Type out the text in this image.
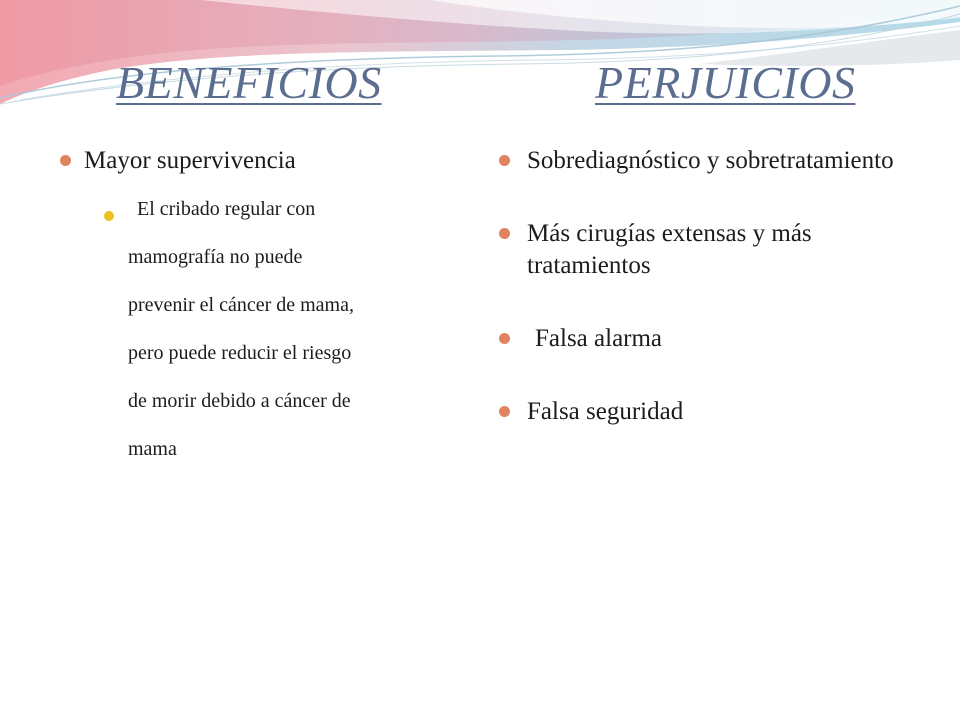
BENEFICIOS	PERJUICIOS
Mayor supervivencia
El cribado regular con
mamografía no puede
prevenir el cáncer de mama,
pero puede reducir el riesgo
de morir debido a cáncer de
mama
Sobrediagnóstico y sobretratamiento
Más cirugías extensas y más tratamientos
Falsa alarma
Falsa seguridad
